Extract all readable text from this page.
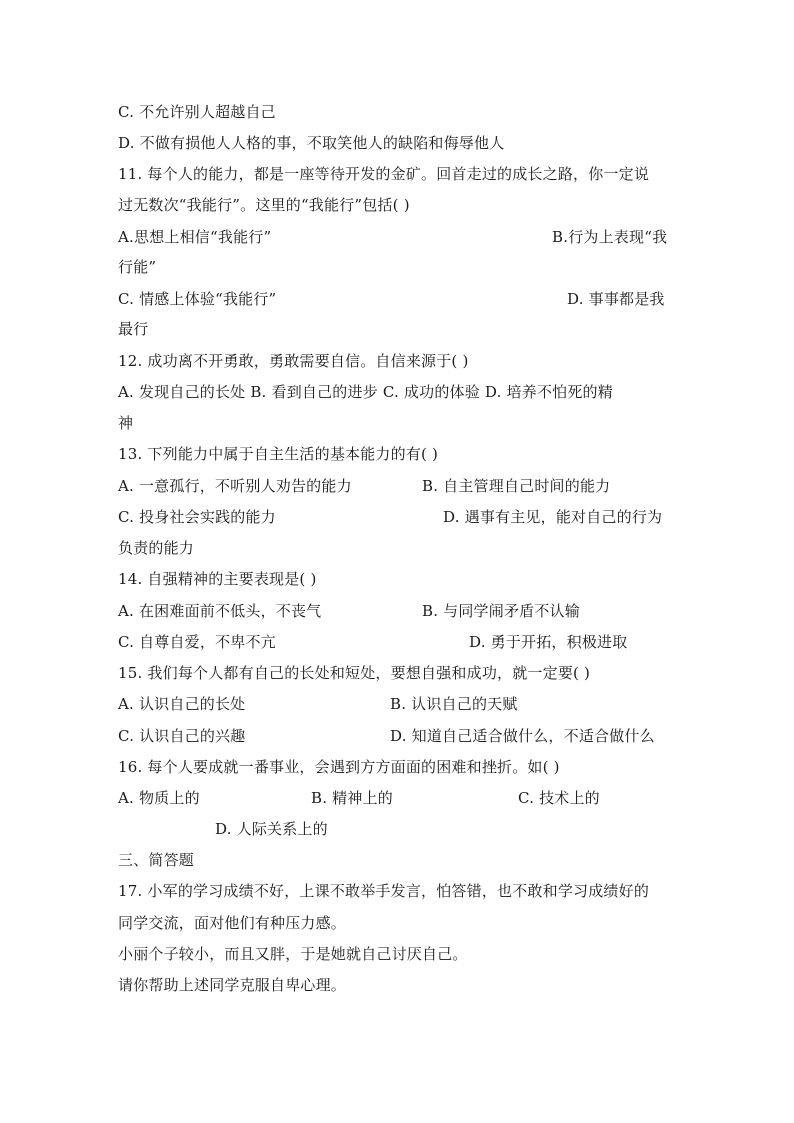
C. 不允许别人超越自己
D. 不做有损他人人格的事，不取笑他人的缺陷和侮辱他人
11. 每个人的能力，都是一座等待开发的金矿。回首走过的成长之路，你一定说
过无数次“我能行”。这里的“我能行”包括( )
A.思想上相信“我能行”	B.行为上表现“我
行能”
C. 情感上体验“我能行”	D. 事事都是我
最行
12. 成功离不开勇敢，勇敢需要自信。自信来源于( )
A. 发现自己的长处 B. 看到自己的进步 C. 成功的体验 D. 培养不怕死的精
神
13. 下列能力中属于自主生活的基本能力的有( )
A. 一意孤行，不听别人劝告的能力	B. 自主管理自己时间的能力
C. 投身社会实践的能力	D. 遇事有主见，能对自己的行为
负责的能力
14. 自强精神的主要表现是( )
A. 在困难面前不低头，不丧气	B. 与同学闹矛盾不认输
C. 自尊自爱，不卑不亢	D. 勇于开拓，积极进取
15. 我们每个人都有自己的长处和短处，要想自强和成功，就一定要( )
A. 认识自己的长处	B. 认识自己的天赋
C. 认识自己的兴趣	D. 知道自己适合做什么，不适合做什么
16. 每个人要成就一番事业，会遇到方方面面的困难和挫折。如( )
A. 物质上的	B. 精神上的	C. 技术上的
D. 人际关系上的
三、简答题
17. 小军的学习成绩不好，上课不敢举手发言，怕答错，也不敢和学习成绩好的
同学交流，面对他们有种压力感。
小丽个子较小，而且又胖，于是她就自己讨厌自己。
请你帮助上述同学克服自卑心理。
